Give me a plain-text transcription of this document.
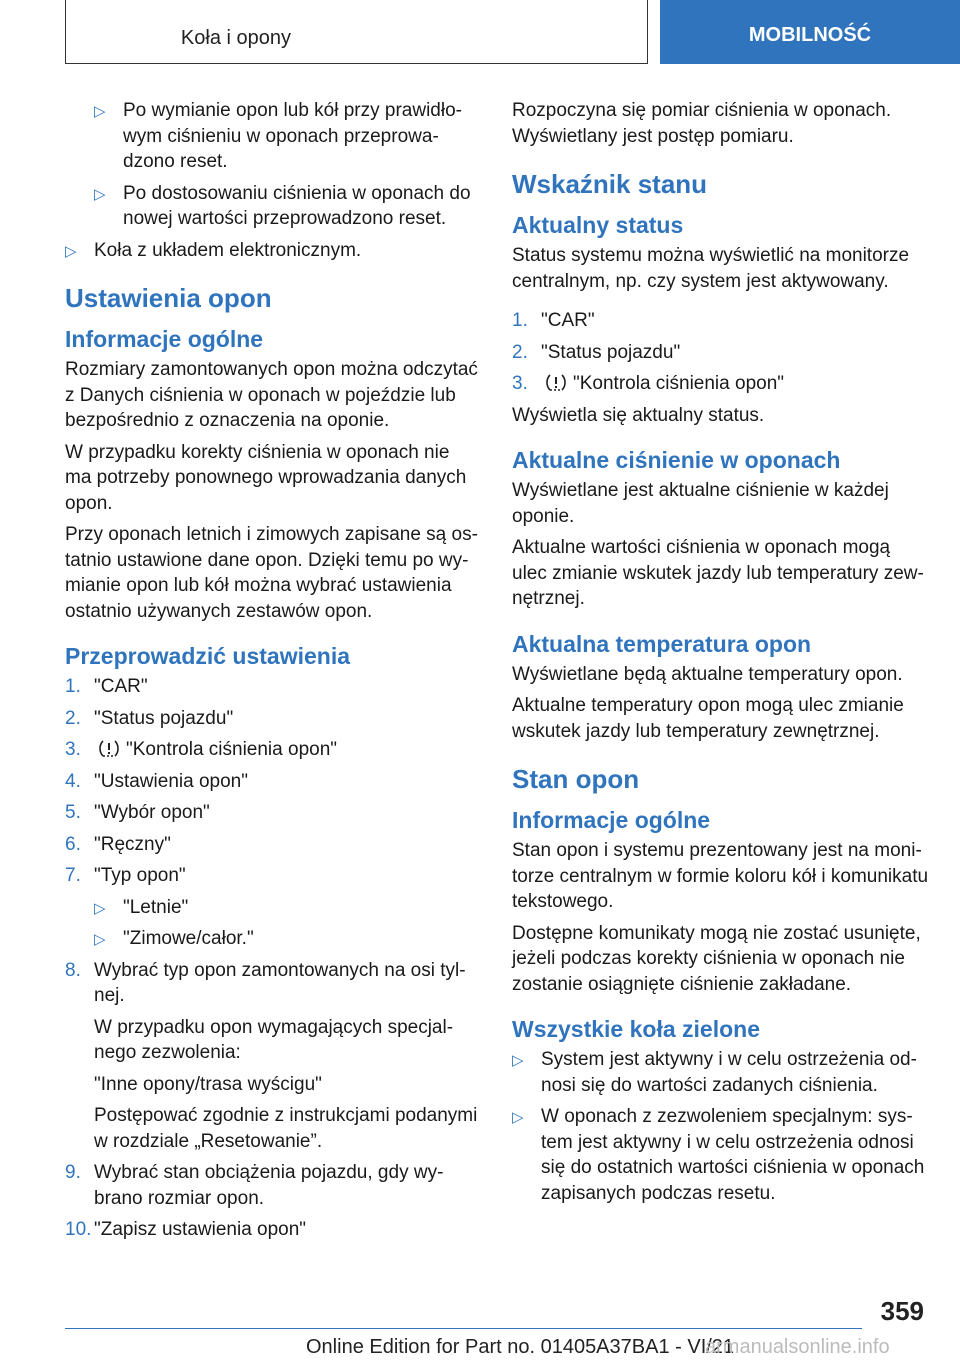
Koła i opony	MOBILNOŚĆ
▷ Po wymianie opon lub kół przy prawidłowym ciśnieniu w oponach przeprowadzono reset.
▷ Po dostosowaniu ciśnienia w oponach do nowej wartości przeprowadzono reset.
▷ Koła z układem elektronicznym.
Ustawienia opon
Informacje ogólne

Rozmiary zamontowanych opon można odczytać z Danych ciśnienia w oponach w pojeździe lub bezpośrednio z oznaczenia na oponie.

W przypadku korekty ciśnienia w oponach nie ma potrzeby ponownego wprowadzania danych opon.

Przy oponach letnich i zimowych zapisane są ostatnio ustawione dane opon. Dzięki temu po wymianie opon lub kół można wybrać ustawienia ostatnio używanych zestawów opon.

Przeprowadzić ustawienia
1. "CAR"
2. "Status pojazdu"
3. "Kontrola ciśnienia opon"
4. "Ustawienia opon"
5. "Wybór opon"
6. "Ręczny"
7. "Typ opon"
▷ "Letnie"
▷ "Zimowe/całor."
8. Wybrać typ opon zamontowanych na osi tylnej.
W przypadku opon wymagających specjalnego zezwolenia:
"Inne opony/trasa wyścigu"
Postępować zgodnie z instrukcjami podanymi w rozdziale „Resetowanie”.
9. Wybrać stan obciążenia pojazdu, gdy wybrano rozmiar opon.
10. "Zapisz ustawienia opon"

Rozpoczyna się pomiar ciśnienia w oponach. Wyświetlany jest postęp pomiaru.

Wskaźnik stanu
Aktualny status

Status systemu można wyświetlić na monitorze centralnym, np. czy system jest aktywowany.

1. "CAR"
2. "Status pojazdu"
3. "Kontrola ciśnienia opon"

Wyświetla się aktualny status.

Aktualne ciśnienie w oponach

Wyświetlane jest aktualne ciśnienie w każdej oponie.

Aktualne wartości ciśnienia w oponach mogą ulec zmianie wskutek jazdy lub temperatury zewnętrznej.

Aktualna temperatura opon

Wyświetlane będą aktualne temperatury opon.

Aktualne temperatury opon mogą ulec zmianie wskutek jazdy lub temperatury zewnętrznej.

Stan opon
Informacje ogólne

Stan opon i systemu prezentowany jest na monitorze centralnym w formie koloru kół i komunikatu tekstowego.

Dostępne komunikaty mogą nie zostać usunięte, jeżeli podczas korekty ciśnienia w oponach nie zostanie osiągnięte ciśnienie zakładane.

Wszystkie koła zielone
▷ System jest aktywny i w celu ostrzeżenia odnosi się do wartości zadanych ciśnienia.
▷ W oponach z zezwoleniem specjalnym: system jest aktywny i w celu ostrzeżenia odnosi się do ostatnich wartości ciśnienia w oponach zapisanych podczas resetu.
359
Online Edition for Part no. 01405A37BA1 - VI/21
armanualsonline.info
